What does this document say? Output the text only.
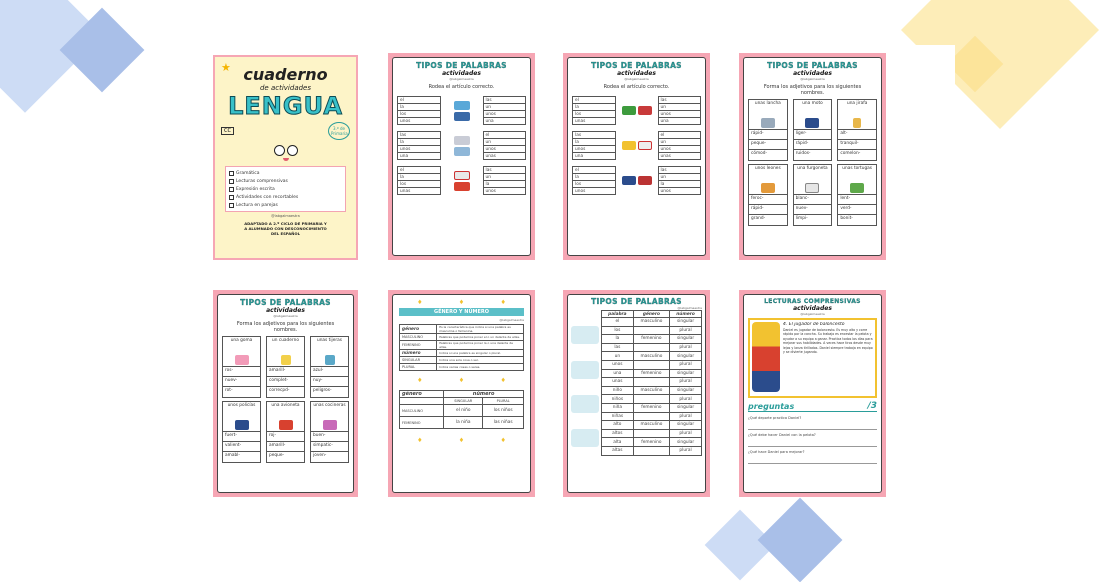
★ cuaderno
de actividades
LENGUA
CC	3.º de Primaria
Gramática
Lecturas comprensivas
Expresión escrita
Actividades con recortables
Lectura en parejas
@labgalmaestra
ADAPTADO A 2.º CICLO DE PRIMARIA Y
A ALUMNADO CON DESCONOCIMIENTO
DEL ESPAÑOL
TIPOS DE PALABRAS
actividades
@labgalmaestra
Rodea el artículo correcto.
el
la
los
unos
las
un
unos
una
las
la
unos
una
el
un
unos
unas
el
la
los
unas
las
un
la
unos
TIPOS DE PALABRAS
actividades
@labgalmaestra
Rodea el artículo correcto.
el
la
los
unas
las
un
unos
una
las
la
unos
una
el
un
unos
unas
el
la
los
unos
las
un
la
unos
TIPOS DE PALABRAS
actividades
@labgalmaestra
Forma los adjetivos para los siguientes nombres.
unas lancha
rápid-
peque-
cómod-
una moto
liger-
rápid-
ruidos-
una jirafa
alt-
tranquil-
comelon-
unos leones
feroc-
rápid-
grand-
una furgoneta
blanc-
nuev-
limpi-
unas tortugas
lent-
verd-
bonit-
TIPOS DE PALABRAS
actividades
@labgalmaestra
Forma los adjetivos para los siguientes nombres.
una goma
ros-
nuev-
rot-
un cuaderno
amarill-
complet-
correcpd-
unas tijeras
azul-
nuy-
peligros-
unos policías
fuert-
valient-
amabl-
una avioneta
roj-
amarill-
peque-
unas cocineras
buen-
simpatic-
joven-
♦	♦	♦
GÉNERO Y NÚMERO
@labgalmaestra
género	Es la característica que indica si una palabra es masculina o femenina.
MASCULINO	Palabras que podemos poner el o un delante de ellas.
FEMENINO	Palabras que podemos poner la o una delante de ellas.
número	Indica si una palabra es singular o plural.
SINGULAR	Indica una sola cosa o ser.
PLURAL	Indica varias cosas o seres.
♦	♦	♦
género	número	
	SINGULAR	PLURAL
MASCULINO	el niño	los niños
FEMENINO	la niña	las niñas
♦	♦	♦
TIPOS DE PALABRAS
@labgalmaestra
palabra	género	número
el	masculino	singular
los		plural
la	femenino	singular
las		plural
un	masculino	singular
unos		plural
una	femenino	singular
unas		plural
niño	masculino	singular
niños		plural
niña	femenino	singular
niñas		plural
alto	masculino	singular
altos		plural
alta	femenino	singular
altas		plural
LECTURAS COMPRENSIVAS
actividades
@labgalmaestra
4. El jugador de baloncesto
Daniel es jugador de baloncesto. Es muy alto y corre rápido por la cancha. Su trabajo es encestar la pelota y ayudar a su equipo a ganar. Practica todos los días para mejorar sus habilidades. A veces hace tiros desde muy lejos y lanza tirillados. Daniel siempre trabaja en equipo y se divierte jugando.
preguntas	/3
¿Qué deporte practica Daniel?
¿Qué debe hacer Daniel con la pelota?
¿Qué hace Daniel para mejorar?
